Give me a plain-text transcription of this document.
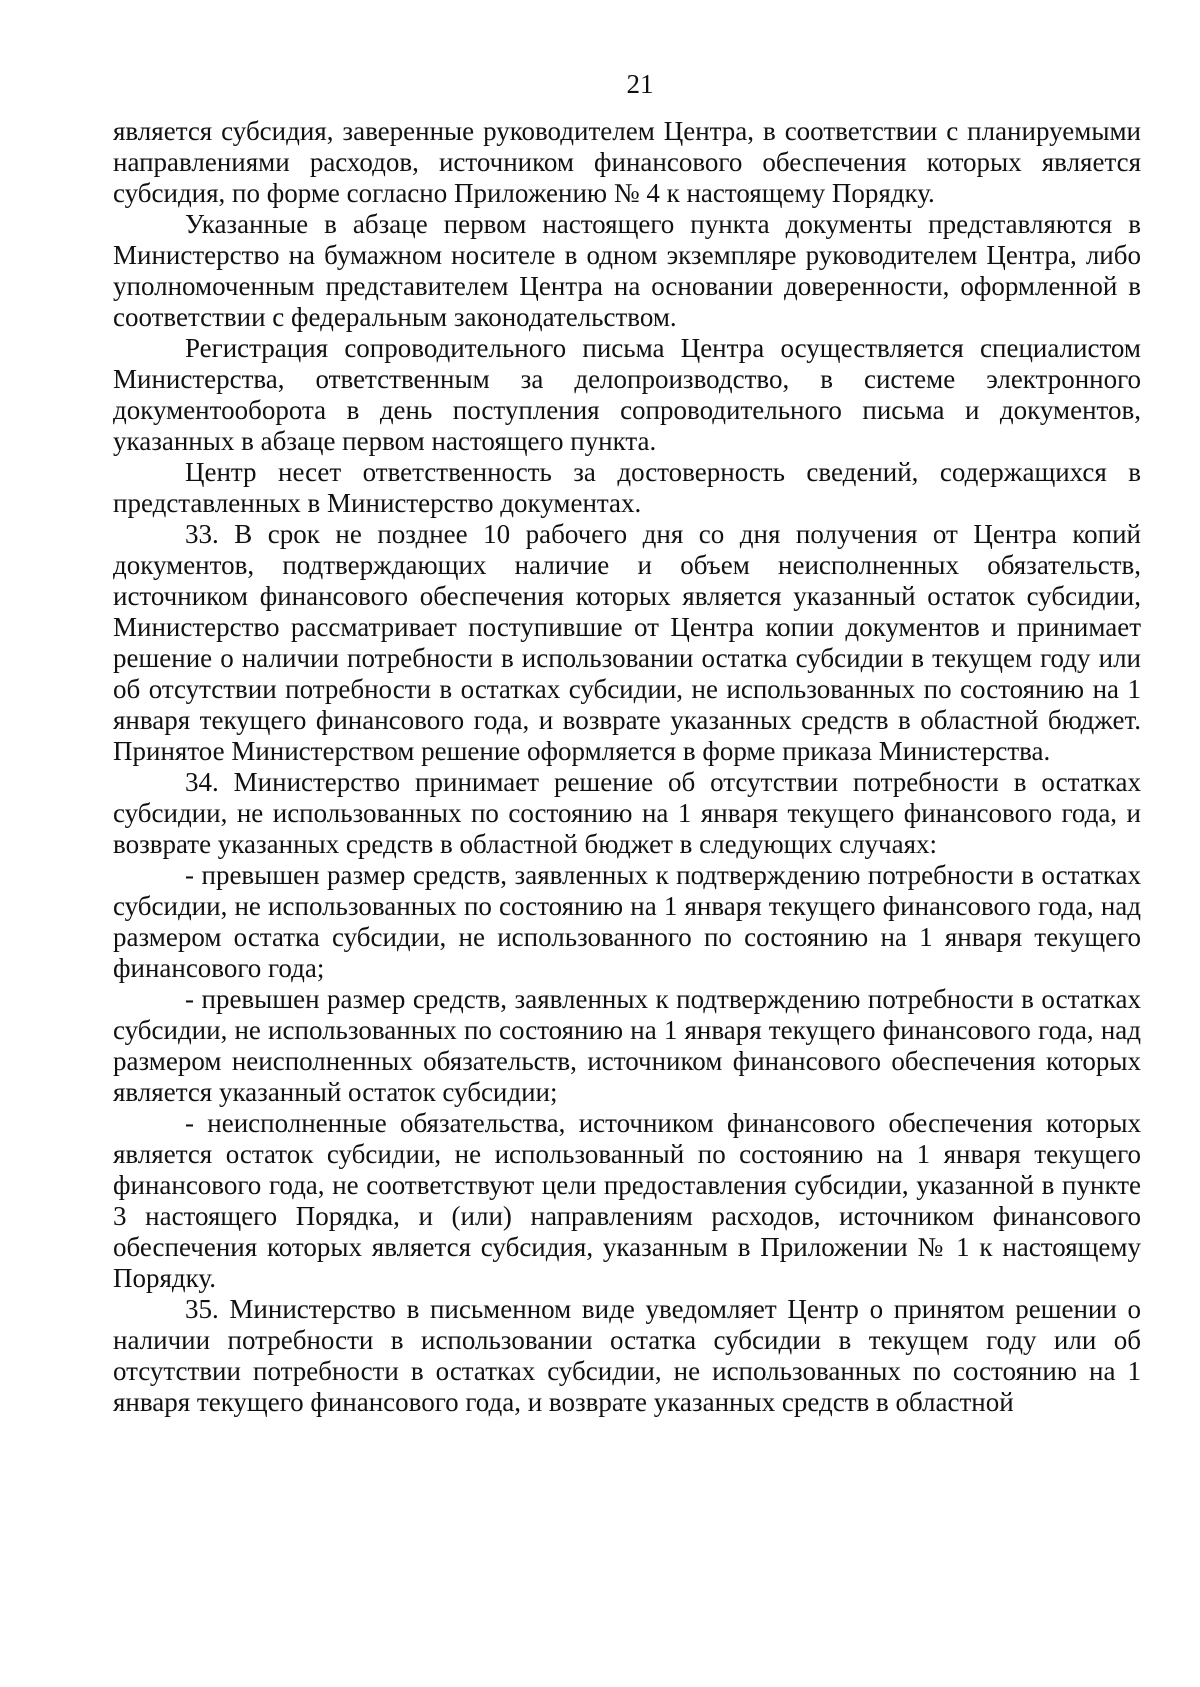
21

является субсидия, заверенные руководителем Центра, в соответствии с планируемыми направлениями расходов, источником финансового обеспечения которых является субсидия, по форме согласно Приложению № 4 к настоящему Порядку.

Указанные в абзаце первом настоящего пункта документы представляются в Министерство на бумажном носителе в одном экземпляре руководителем Центра, либо уполномоченным представителем Центра на основании доверенности, оформленной в соответствии с федеральным законодательством.

Регистрация сопроводительного письма Центра осуществляется специалистом Министерства, ответственным за делопроизводство, в системе электронного документооборота в день поступления сопроводительного письма и документов, указанных в абзаце первом настоящего пункта.

Центр несет ответственность за достоверность сведений, содержащихся в представленных в Министерство документах.

33. В срок не позднее 10 рабочего дня со дня получения от Центра копий документов, подтверждающих наличие и объем неисполненных обязательств, источником финансового обеспечения которых является указанный остаток субсидии, Министерство рассматривает поступившие от Центра копии документов и принимает решение о наличии потребности в использовании остатка субсидии в текущем году или об отсутствии потребности в остатках субсидии, не использованных по состоянию на 1 января текущего финансового года, и возврате указанных средств в областной бюджет. Принятое Министерством решение оформляется в форме приказа Министерства.

34. Министерство принимает решение об отсутствии потребности в остатках субсидии, не использованных по состоянию на 1 января текущего финансового года, и возврате указанных средств в областной бюджет в следующих случаях:

- превышен размер средств, заявленных к подтверждению потребности в остатках субсидии, не использованных по состоянию на 1 января текущего финансового года, над размером остатка субсидии, не использованного по состоянию на 1 января текущего финансового года;

- превышен размер средств, заявленных к подтверждению потребности в остатках субсидии, не использованных по состоянию на 1 января текущего финансового года, над размером неисполненных обязательств, источником финансового обеспечения которых является указанный остаток субсидии;

- неисполненные обязательства, источником финансового обеспечения которых является остаток субсидии, не использованный по состоянию на 1 января текущего финансового года, не соответствуют цели предоставления субсидии, указанной в пункте 3 настоящего Порядка, и (или) направлениям расходов, источником финансового обеспечения которых является субсидия, указанным в Приложении № 1 к настоящему Порядку.

35. Министерство в письменном виде уведомляет Центр о принятом решении о наличии потребности в использовании остатка субсидии в текущем году или об отсутствии потребности в остатках субсидии, не использованных по состоянию на 1 января текущего финансового года, и возврате указанных средств в областной
